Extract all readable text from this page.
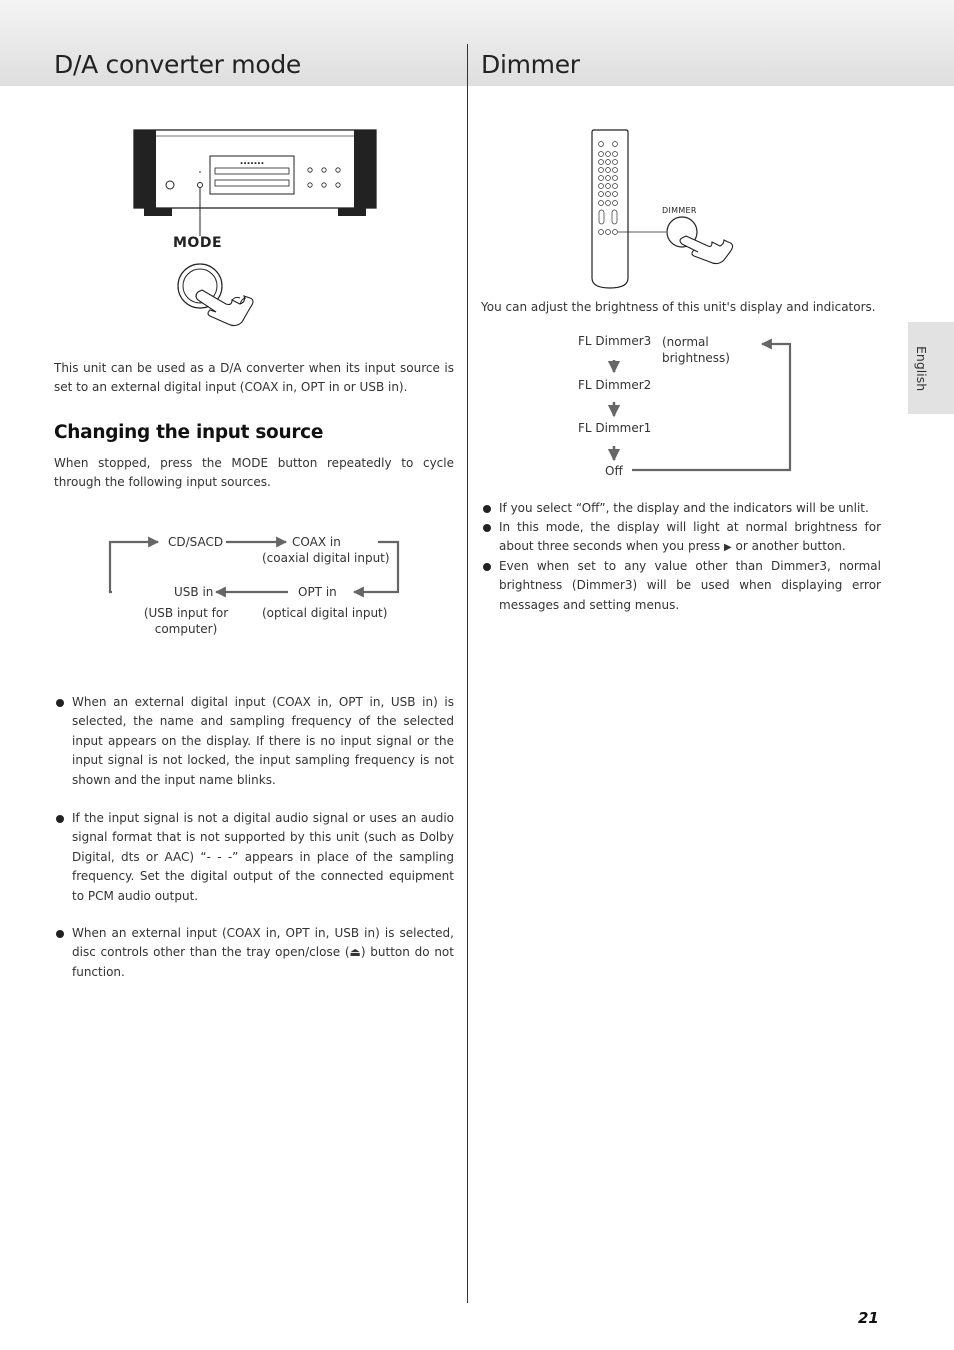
D/A converter mode	Dimmer
▪ ▪ ▪ ▪ ▪ ▪ ▪
MODE
This unit can be used as a D/A converter when its input source is set to an external digital input (COAX in, OPT in or USB in).
Changing the input source
When stopped, press the MODE button repeatedly to cycle through the following input sources.
CD/SACD	COAX in
(coaxial digital input)
USB in
(USB input for
computer)
OPT in
(optical digital input)
When an external digital input (COAX in, OPT in, USB in) is selected, the name and sampling frequency of the selected input appears on the display. If there is no input signal or the input signal is not locked, the input sampling frequency is not shown and the input name blinks.
If the input signal is not a digital audio signal or uses an audio signal format that is not supported by this unit (such as Dolby Digital, dts or AAC) “- - -” appears in place of the sampling frequency. Set the digital output of the connected equipment to PCM audio output.
When an external input (COAX in, OPT in, USB in) is selected, disc controls other than the tray open/close (⏏) button do not function.
DIMMER
You can adjust the brightness of this unit's display and indicators.
FL Dimmer3 (normal
brightness)
FL Dimmer2
FL Dimmer1
Off
If you select “Off”, the display and the indicators will be unlit.
In this mode, the display will light at normal brightness for about three seconds when you press ▶ or another button.
Even when set to any value other than Dimmer3, normal brightness (Dimmer3) will be used when displaying error messages and setting menus.
English
21
